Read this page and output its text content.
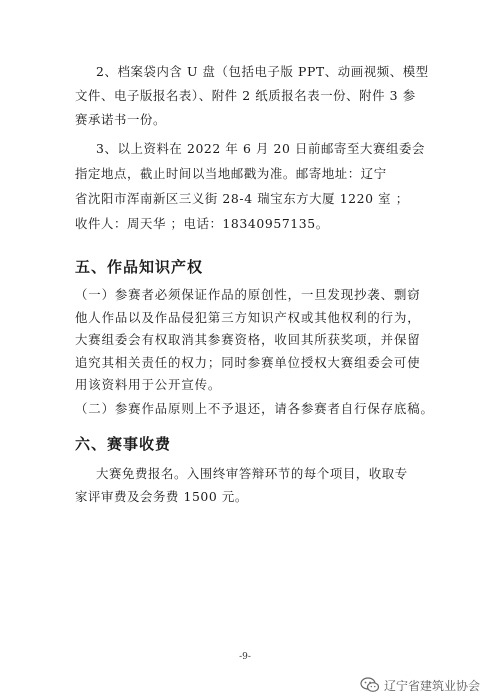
2、档案袋内含 U 盘（包括电子版 PPT、动画视频、模型
文件、电子版报名表）、附件 2 纸质报名表一份、附件 3 参
赛承诺书一份。
3、以上资料在 2022 年 6 月 20 日前邮寄至大赛组委会
指定地点，截止时间以当地邮戳为准。邮寄地址：辽宁
省沈阳市浑南新区三义街 28-4 瑞宝东方大厦 1220 室 ；
收件人：周天华 ；电话：18340957135。
五、作品知识产权
（一）参赛者必须保证作品的原创性，一旦发现抄袭、剽窃
他人作品以及作品侵犯第三方知识产权或其他权利的行为，
大赛组委会有权取消其参赛资格，收回其所获奖项，并保留
追究其相关责任的权力；同时参赛单位授权大赛组委会可使
用该资料用于公开宣传。
（二）参赛作品原则上不予退还，请各参赛者自行保存底稿。
六、赛事收费
大赛免费报名。入围终审答辩环节的每个项目，收取专
家评审费及会务费 1500 元。
-9-
辽宁省建筑业协会
